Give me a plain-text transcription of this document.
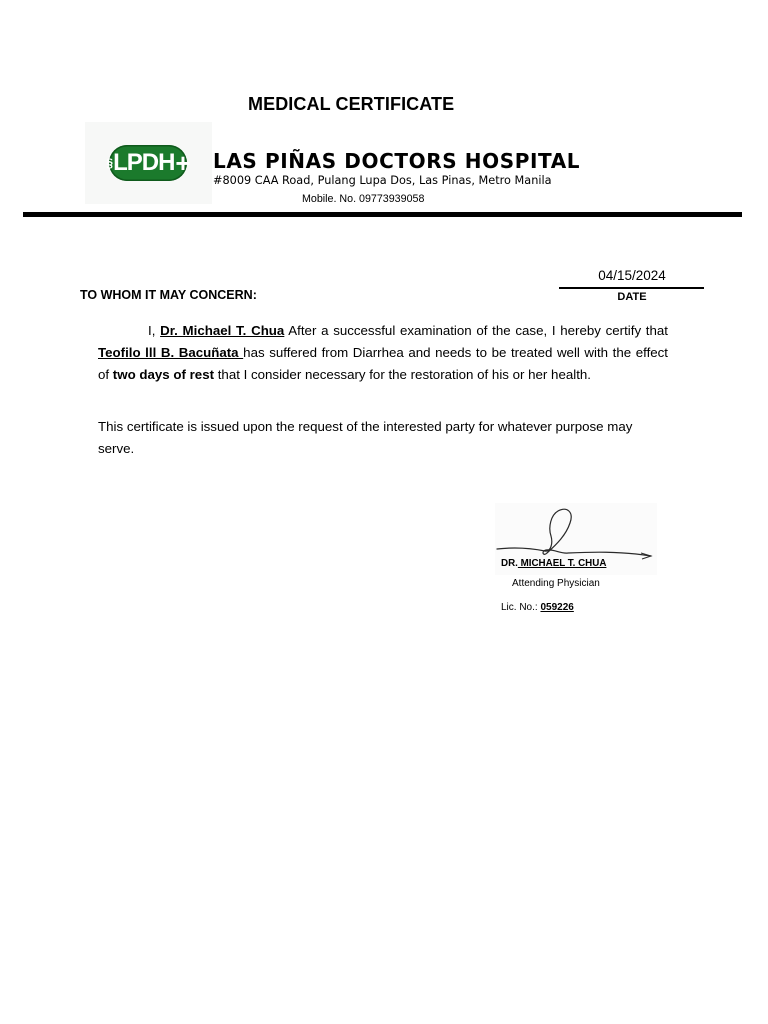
MEDICAL CERTIFICATE
§ LPDH + LAS PIÑAS DOCTORS HOSPITAL
#8009 CAA Road, Pulang Lupa Dos, Las Pinas, Metro Manila
Mobile. No. 09773939058
04/15/2024
DATE
TO WHOM IT MAY CONCERN:
I, Dr. Michael T. Chua After a successful examination of the case, I hereby certify that Teofilo lll B. Bacuñata has suffered from Diarrhea and needs to be treated well with the effect of two days of rest that I consider necessary for the restoration of his or her health.
This certificate is issued upon the request of the interested party for whatever purpose may serve.
DR. MICHAEL T. CHUA
Attending Physician
Lic. No.: 059226
